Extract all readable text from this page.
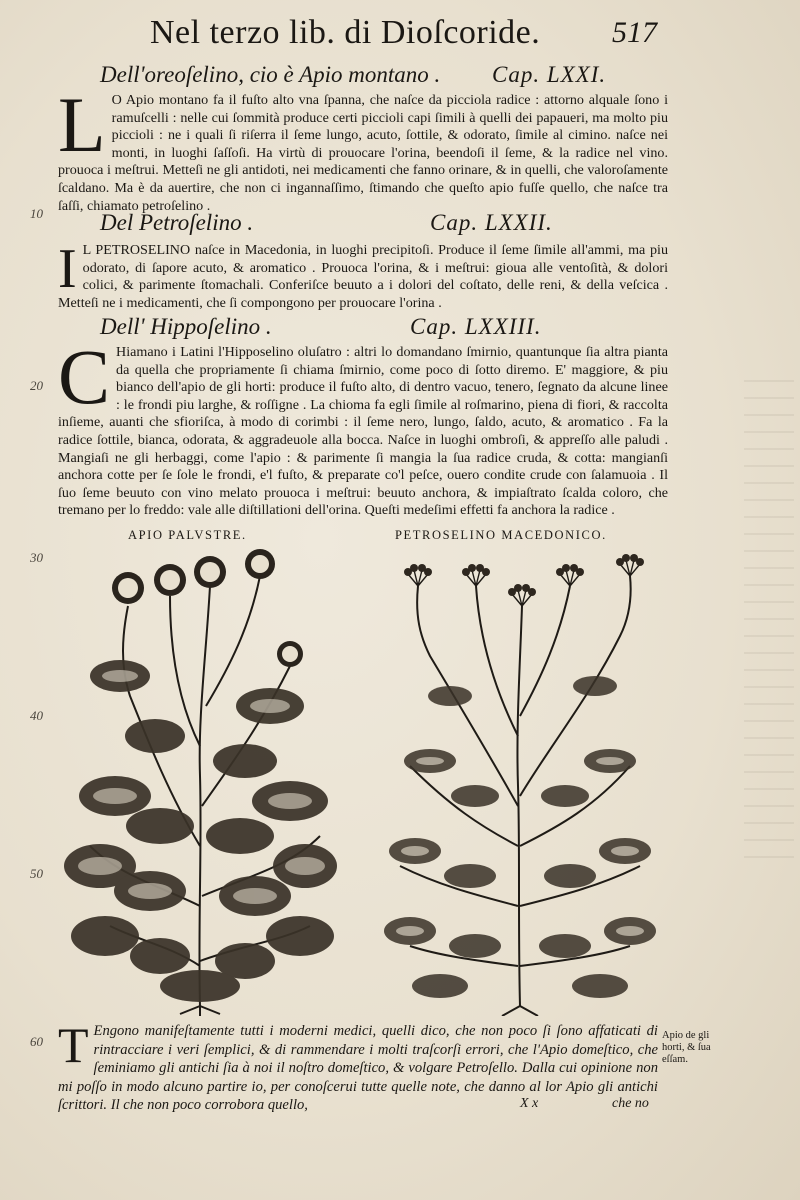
Nel terzo lib. di Dioſcoride. 517
Dell'oreoſelino, cio è Apio montano . Cap. LXXI.
L O Apio montano fa il fuſto alto vna ſpanna, che naſce da picciola radice : attorno alquale ſono i ramuſcelli : nelle cui ſommità produce certi piccioli capi ſimili à quelli dei papaueri, ma molto piu piccioli : ne i quali ſi riſerra il ſeme lungo, acuto, ſottile, & odorato, ſimile al cimino. naſce nei monti, in luoghi ſaſſoſi. Ha virtù di prouocare l'orina, beendoſi il ſeme, & la radice nel vino. prouoca i meſtrui. Metteſi ne gli antidoti, nei medicamenti che fanno orinare, & in quelli, che valoroſamente ſcaldano. Ma è da auertire, che non ci ingannaſſimo, ſtimando che queſto apio fuſſe quello, che naſce tra ſaſſi, chiamato petroſelino .
Del Petroſelino .	Cap. LXXII.
I L PETROSELINO naſce in Macedonia, in luoghi precipitoſi. Produce il ſeme ſimile all'ammi, ma piu odorato, di ſapore acuto, & aromatico . Prouoca l'orina, & i meſtrui: gioua alle ventoſità, & dolori colici, & parimente ſtomachali. Conferiſce beuuto a i dolori del coſtato, delle reni, & della veſcica . Metteſi ne i medicamenti, che ſi compongono per prouocare l'orina .
Dell' Hippoſelino .	Cap. LXXIII.
C Hiamano i Latini l'Hipposelino oluſatro : altri lo domandano ſmirnio, quantunque ſia altra pianta da quella che propriamente ſi chiama ſmirnio, come poco di ſotto diremo. E' maggiore, & piu bianco dell'apio de gli horti: produce il fuſto alto, di dentro vacuo, tenero, ſegnato da alcune linee : le frondi piu larghe, & roſſigne . La chioma fa egli ſimile al roſmarino, piena di fiori, & raccolta inſieme, auanti che sfioriſca, à modo di corimbi : il ſeme nero, lungo, ſaldo, acuto, & aromatico . Fa la radice ſottile, bianca, odorata, & aggradeuole alla bocca. Naſce in luoghi ombroſi, & appreſſo alle paludi . Mangiaſi ne gli herbaggi, come l'apio : & parimente ſi mangia la ſua radice cruda, & cotta: mangianſi anchora cotte per ſe ſole le frondi, e'l fuſto, & preparate co'l peſce, ouero condite crude con ſalamuoia . Il ſuo ſeme beuuto con vino melato prouoca i meſtrui: beuuto anchora, & impiaſtrato ſcalda coloro, che tremano per lo freddo: vale alle diſtillationi dell'orina. Queſti medeſimi effetti fa anchora la radice .
10
20
30
40
50
60
APIO PALVSTRE.	PETROSELINO MACEDONICO.
T Engono manifeſtamente tutti i moderni medici, quelli dico, che non poco ſi ſono affaticati di rintracciare i veri ſemplici, & di rammendare i molti traſcorſi errori, che l'Apio domeſtico, che ſeminiamo gli antichi ſia à noi il noſtro domeſtico, & volgare Petroſello. Dalla cui opinione non mi poſſo in modo alcuno partire io, per conoſcerui tutte quelle note, che danno al lor Apio gli antichi ſcrittori. Il che non poco corrobora quello,
Apio de gli horti, & ſua eſſam.
X x	che no
